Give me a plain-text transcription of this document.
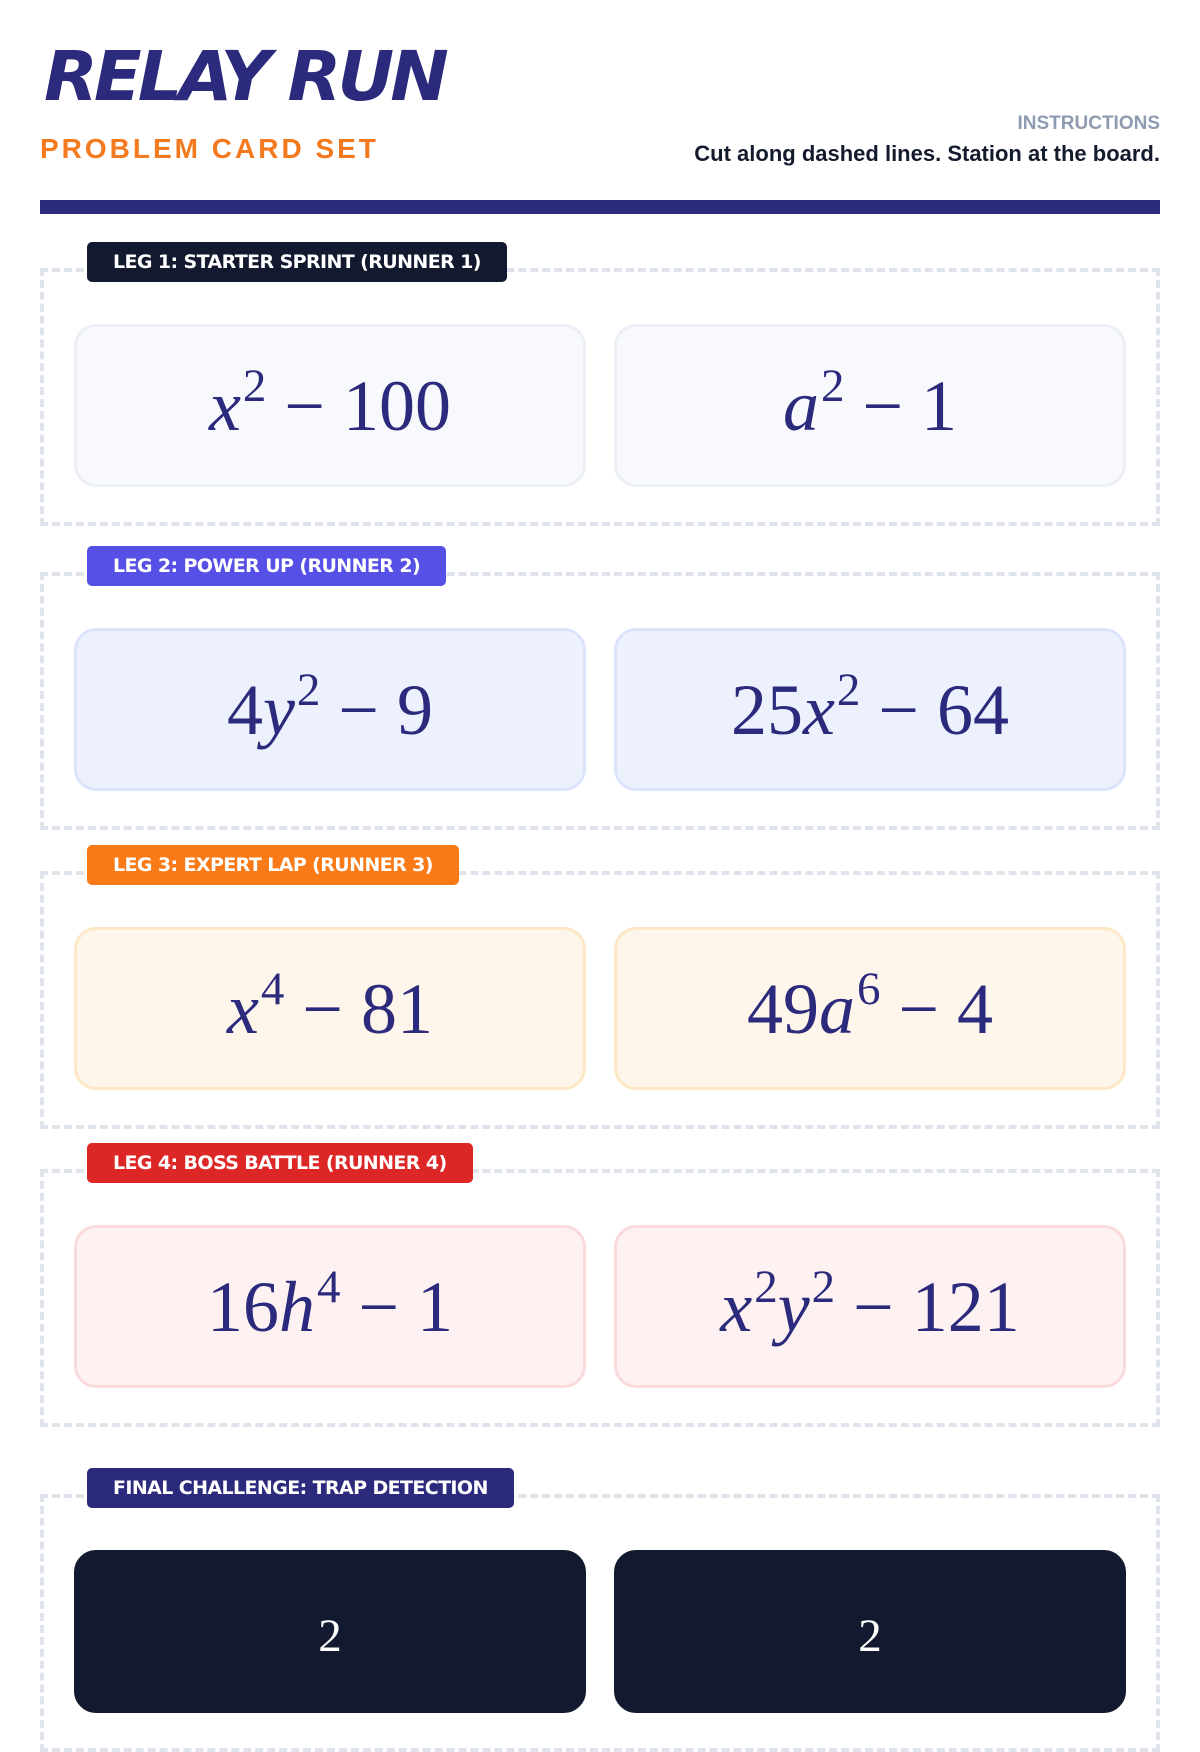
RELAY RUN
PROBLEM CARD SET
INSTRUCTIONS
Cut along dashed lines. Station at the board.
LEG 1: STARTER SPRINT (RUNNER 1)
$x^2 - 100$	$a^2 - 1$
LEG 2: POWER UP (RUNNER 2)
$4y^2 - 9$	$25x^2 - 64$
LEG 3: EXPERT LAP (RUNNER 3)
$x^4 - 81$	$49a^6 - 4$
LEG 4: BOSS BATTLE (RUNNER 4)
$16h^4 - 1$	$x^2y^2 - 121$
FINAL CHALLENGE: TRAP DETECTION
2	2
